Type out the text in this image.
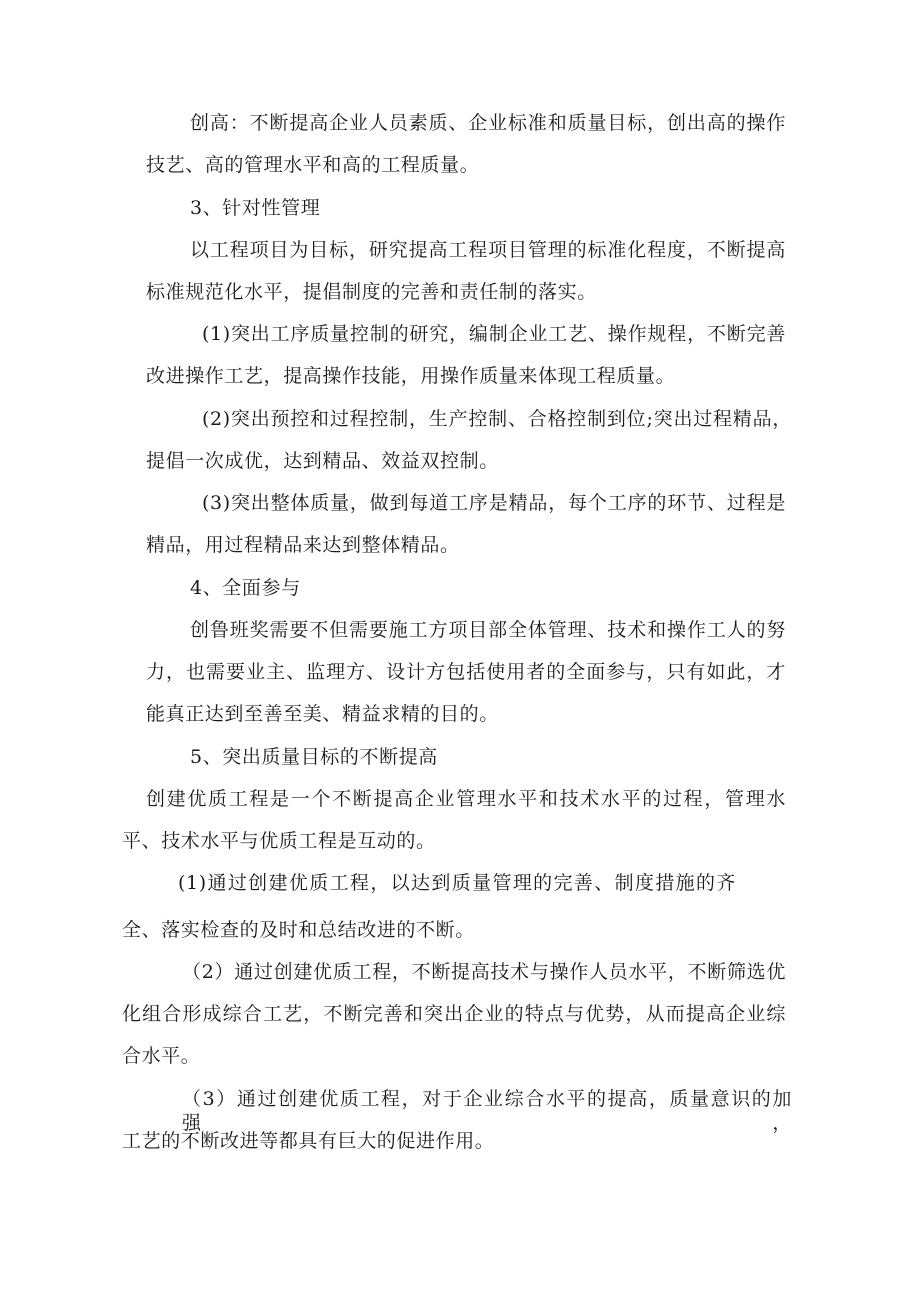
创高：不断提高企业人员素质、企业标准和质量目标，创出高的操作
技艺、高的管理水平和高的工程质量。
3、针对性管理
以工程项目为目标，研究提高工程项目管理的标准化程度，不断提高
标准规范化水平，提倡制度的完善和责任制的落实。
(1)突出工序质量控制的研究，编制企业工艺、操作规程，不断完善
改进操作工艺，提高操作技能，用操作质量来体现工程质量。
(2)突出预控和过程控制，生产控制、合格控制到位;突出过程精品，
提倡一次成优，达到精品、效益双控制。
(3)突出整体质量，做到每道工序是精品，每个工序的环节、过程是
精品，用过程精品来达到整体精品。
4、全面参与
创鲁班奖需要不但需要施工方项目部全体管理、技术和操作工人的努
力，也需要业主、监理方、设计方包括使用者的全面参与，只有如此，才
能真正达到至善至美、精益求精的目的。
5、突出质量目标的不断提高
创建优质工程是一个不断提高企业管理水平和技术水平的过程，管理水
平、技术水平与优质工程是互动的。
(1)通过创建优质工程，以达到质量管理的完善、制度措施的齐
全、落实检查的及时和总结改进的不断。
（2）通过创建优质工程，不断提高技术与操作人员水平，不断筛选优
化组合形成综合工艺，不断完善和突出企业的特点与优势，从而提高企业综
合水平。
（3）通过创建优质工程，对于企业综合水平的提高，质量意识的加强，
工艺的不断改进等都具有巨大的促进作用。
